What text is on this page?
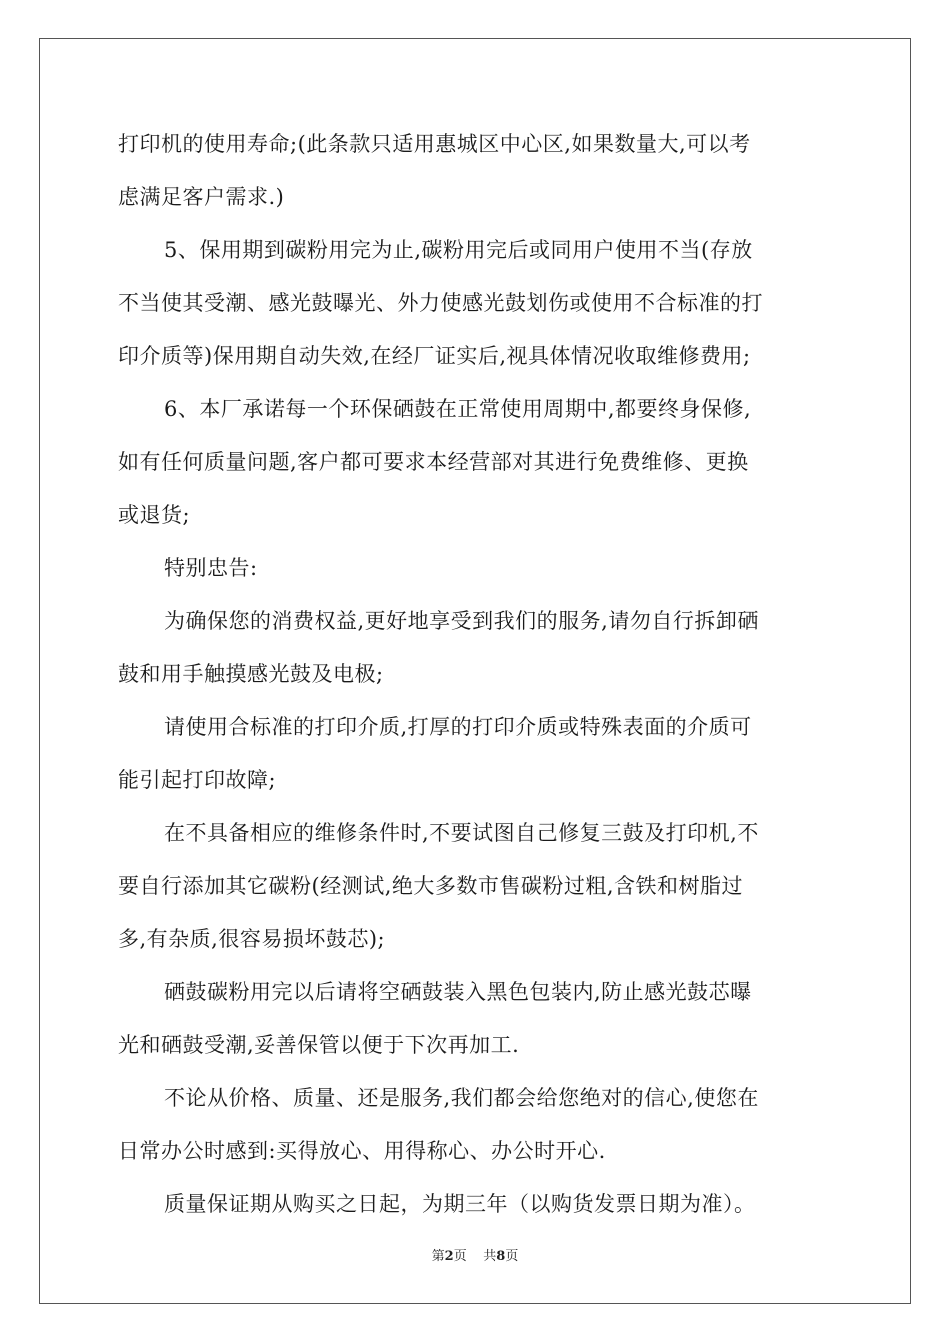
打印机的使用寿命;(此条款只适用惠城区中心区,如果数量大,可以考
虑满足客户需求.)
5、保用期到碳粉用完为止,碳粉用完后或同用户使用不当(存放
不当使其受潮、感光鼓曝光、外力使感光鼓划伤或使用不合标准的打
印介质等)保用期自动失效,在经厂证实后,视具体情况收取维修费用;
6、本厂承诺每一个环保硒鼓在正常使用周期中,都要终身保修,
如有任何质量问题,客户都可要求本经营部对其进行免费维修、更换
或退货;
特别忠告:
为确保您的消费权益,更好地享受到我们的服务,请勿自行拆卸硒
鼓和用手触摸感光鼓及电极;
请使用合标准的打印介质,打厚的打印介质或特殊表面的介质可
能引起打印故障;
在不具备相应的维修条件时,不要试图自己修复三鼓及打印机,不
要自行添加其它碳粉(经测试,绝大多数市售碳粉过粗,含铁和树脂过
多,有杂质,很容易损坏鼓芯);
硒鼓碳粉用完以后请将空硒鼓装入黑色包装内,防止感光鼓芯曝
光和硒鼓受潮,妥善保管以便于下次再加工.
不论从价格、质量、还是服务,我们都会给您绝对的信心,使您在
日常办公时感到:买得放心、用得称心、办公时开心.
质量保证期从购买之日起，为期三年（以购货发票日期为准）。
第2页 共8页
